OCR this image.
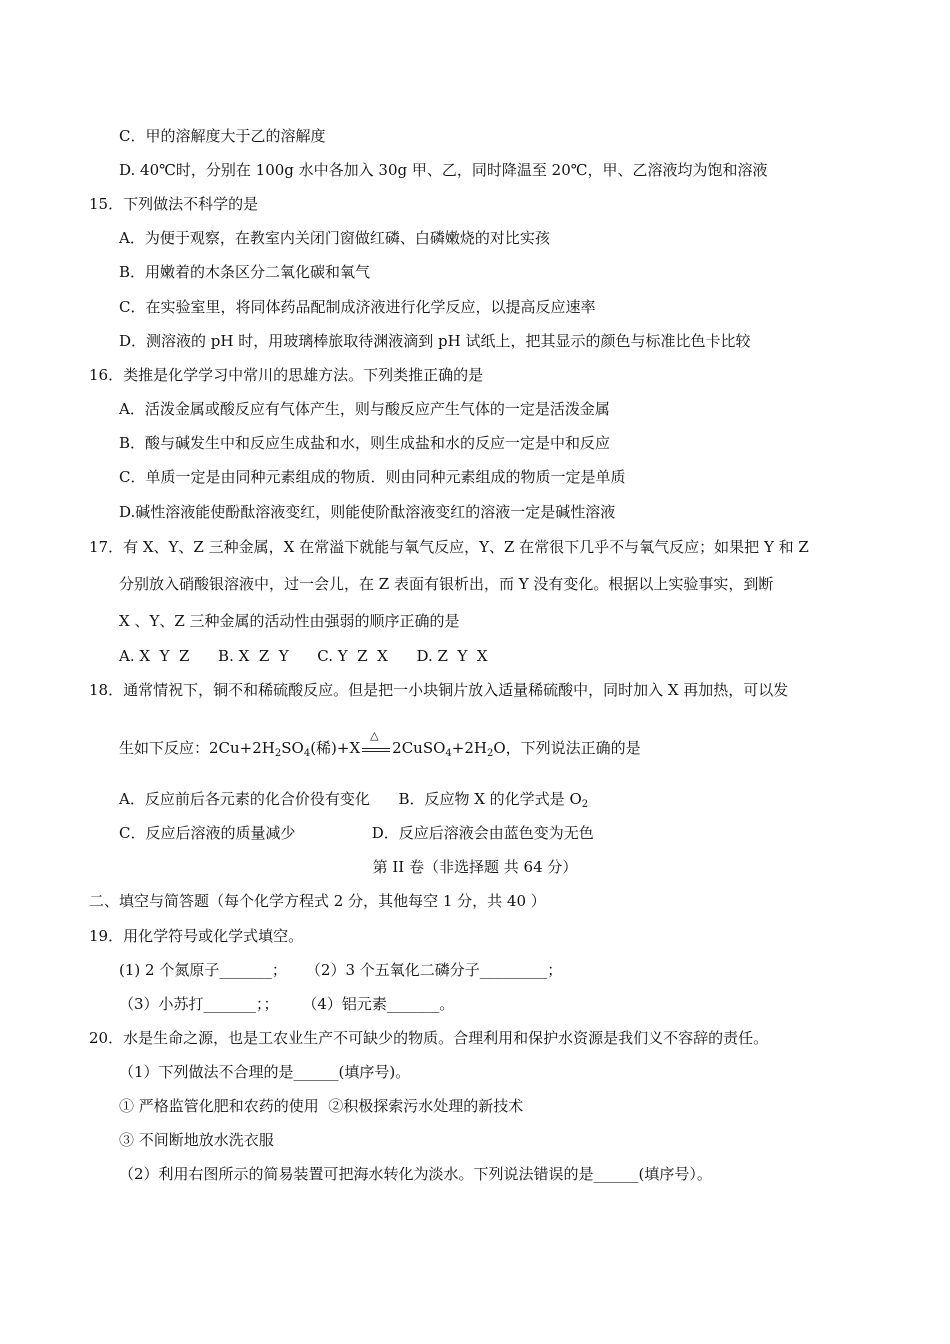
C．甲的溶解度大于乙的溶解度
D. 40℃时，分别在 100g 水中各加入 30g 甲、乙，同时降温至 20℃，甲、乙溶液均为饱和溶液
15．下列做法不科学的是
A．为便于观察，在教室内关闭门窗做红磷、白磷嫩烧的对比实孩
B．用嫩着的木条区分二氧化碳和氧气
C．在实验室里，将同体药品配制成济液进行化学反应，以提高反应速率
D．测溶液的 pH 时，用玻璃棒旅取待渊液滴到 pH 试纸上，把其显示的颜色与标准比色卡比较
16．类推是化学学习中常川的思雄方法。下列类推正确的是
A．活泼金属或酸反应有气体产生，则与酸反应产生气体的一定是活泼金属
B．酸与碱发生中和反应生成盐和水，则生成盐和水的反应一定是中和反应
C．单质一定是由同种元素组成的物质．则由同种元素组成的物质一定是单质
D.碱性溶液能使酚酞溶液变红，则能使阶酞溶液变红的溶液一定是碱性溶液
17．有 X、Y、Z 三种金属，X 在常溢下就能与氧气反应，Y、Z 在常很下几乎不与氧气反应；如果把 Y 和 Z
分别放入硝酸银溶液中，过一会儿，在 Z 表面有银析出，而 Y 没有变化。根据以上实验事实，到断
X 、Y、Z 三种金属的活动性由强弱的顺序正确的是
A. X  Y  Z      B. X  Z  Y      C. Y  Z  X      D. Z  Y  X
18．通常情祝下，铜不和稀硫酸反应。但是把一小块铜片放入适量稀硫酸中，同时加入 X 再加热，可以发
生如下反应：$2Cu+2H_2SO_4$(稀)+X
△
$2CuSO_4+2H_2O$，下列说法正确的是
A．反应前后各元素的化合价役有变化      B．反应物 X 的化学式是 $O_2$
C．反应后溶液的质量减少                D．反应后溶液会由蓝色变为无色
第 II 卷（非选择题 共 64 分）
二、填空与简答题（每个化学方程式 2 分，其他每空 1 分，共 40 ）
19．用化学符号或化学式填空。
(1) 2 个氮原子_______；    （2）3 个五氧化二磷分子_________；
（3）小苏打_______；；     （4）铝元素_______。
20．水是生命之源，也是工农业生产不可缺少的物质。合理利用和保护水资源是我们义不容辞的责任。
（1）下列做法不合理的是______(填序号)。
① 严格监管化肥和农药的使用  ②积极探索污水处理的新技术
③ 不间断地放水洗衣服
（2）利用右图所示的简易装置可把海水转化为淡水。下列说法错误的是______(填序号）。
